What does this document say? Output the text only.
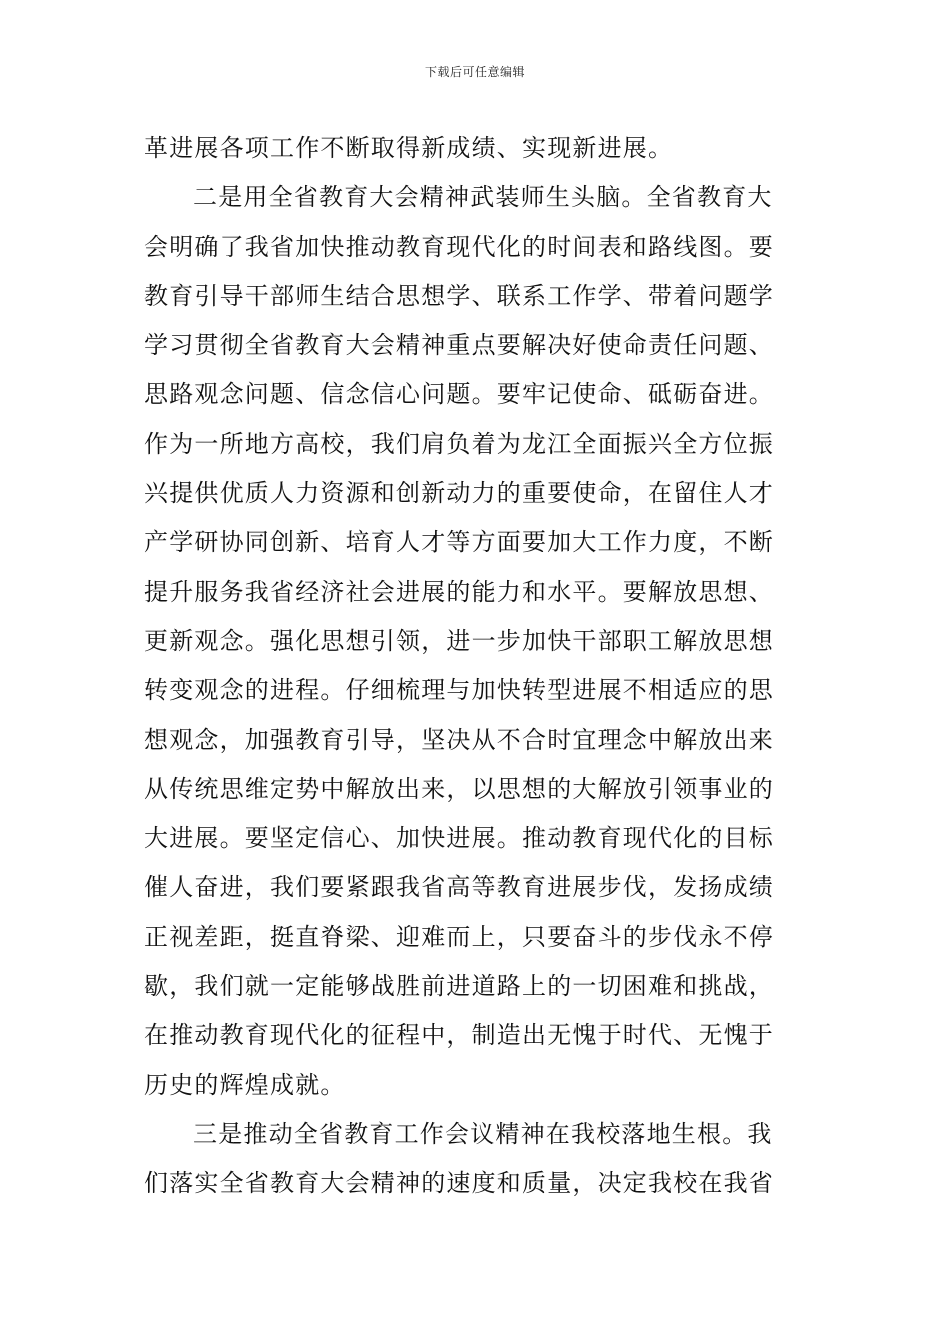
下载后可任意编辑
革进展各项工作不断取得新成绩、实现新进展。
二是用全省教育大会精神武装师生头脑。全省教育大
会明确了我省加快推动教育现代化的时间表和路线图。要
教育引导干部师生结合思想学、联系工作学、带着问题学
学习贯彻全省教育大会精神重点要解决好使命责任问题、
思路观念问题、信念信心问题。要牢记使命、砥砺奋进。
作为一所地方高校，我们肩负着为龙江全面振兴全方位振
兴提供优质人力资源和创新动力的重要使命，在留住人才
产学研协同创新、培育人才等方面要加大工作力度，不断
提升服务我省经济社会进展的能力和水平。要解放思想、
更新观念。强化思想引领，进一步加快干部职工解放思想
转变观念的进程。仔细梳理与加快转型进展不相适应的思
想观念，加强教育引导，坚决从不合时宜理念中解放出来
从传统思维定势中解放出来，以思想的大解放引领事业的
大进展。要坚定信心、加快进展。推动教育现代化的目标
催人奋进，我们要紧跟我省高等教育进展步伐，发扬成绩
正视差距，挺直脊梁、迎难而上，只要奋斗的步伐永不停
歇，我们就一定能够战胜前进道路上的一切困难和挑战，
在推动教育现代化的征程中，制造出无愧于时代、无愧于
历史的辉煌成就。
三是推动全省教育工作会议精神在我校落地生根。我
们落实全省教育大会精神的速度和质量，决定我校在我省
